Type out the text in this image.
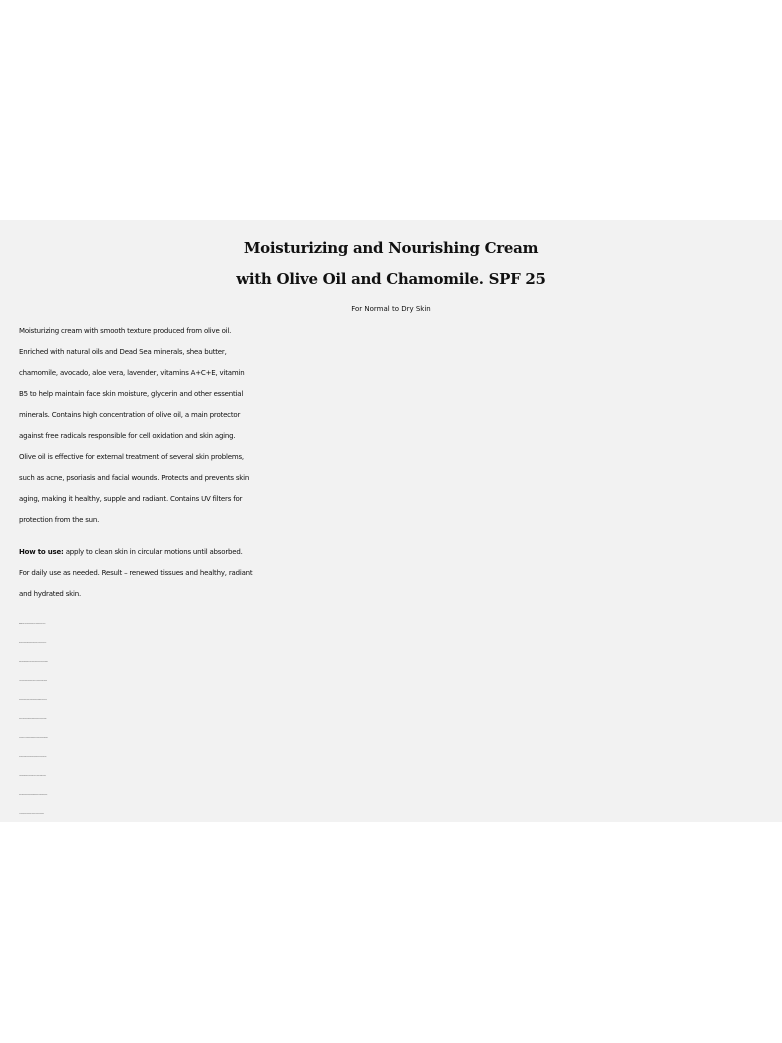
Moisturizing and Nourishing Cream
with Olive Oil and Chamomile. SPF 25
For Normal to Dry Skin
Moisturizing cream with smooth texture produced from olive oil.
Enriched with natural oils and Dead Sea minerals, shea butter,
chamomile, avocado, aloe vera, lavender, vitamins A+C+E, vitamin
B5 to help maintain face skin moisture, glycerin and other essential
minerals. Contains high concentration of olive oil, a main protector
against free radicals responsible for cell oxidation and skin aging.
Olive oil is effective for external treatment of several skin problems,
such as acne, psoriasis and facial wounds. Protects and prevents skin
aging, making it healthy, supple and radiant. Contains UV filters for
protection from the sun.
How to use: apply to clean skin in circular motions until absorbed.
For daily use as needed. Result – renewed tissues and healthy, radiant
and hydrated skin.
